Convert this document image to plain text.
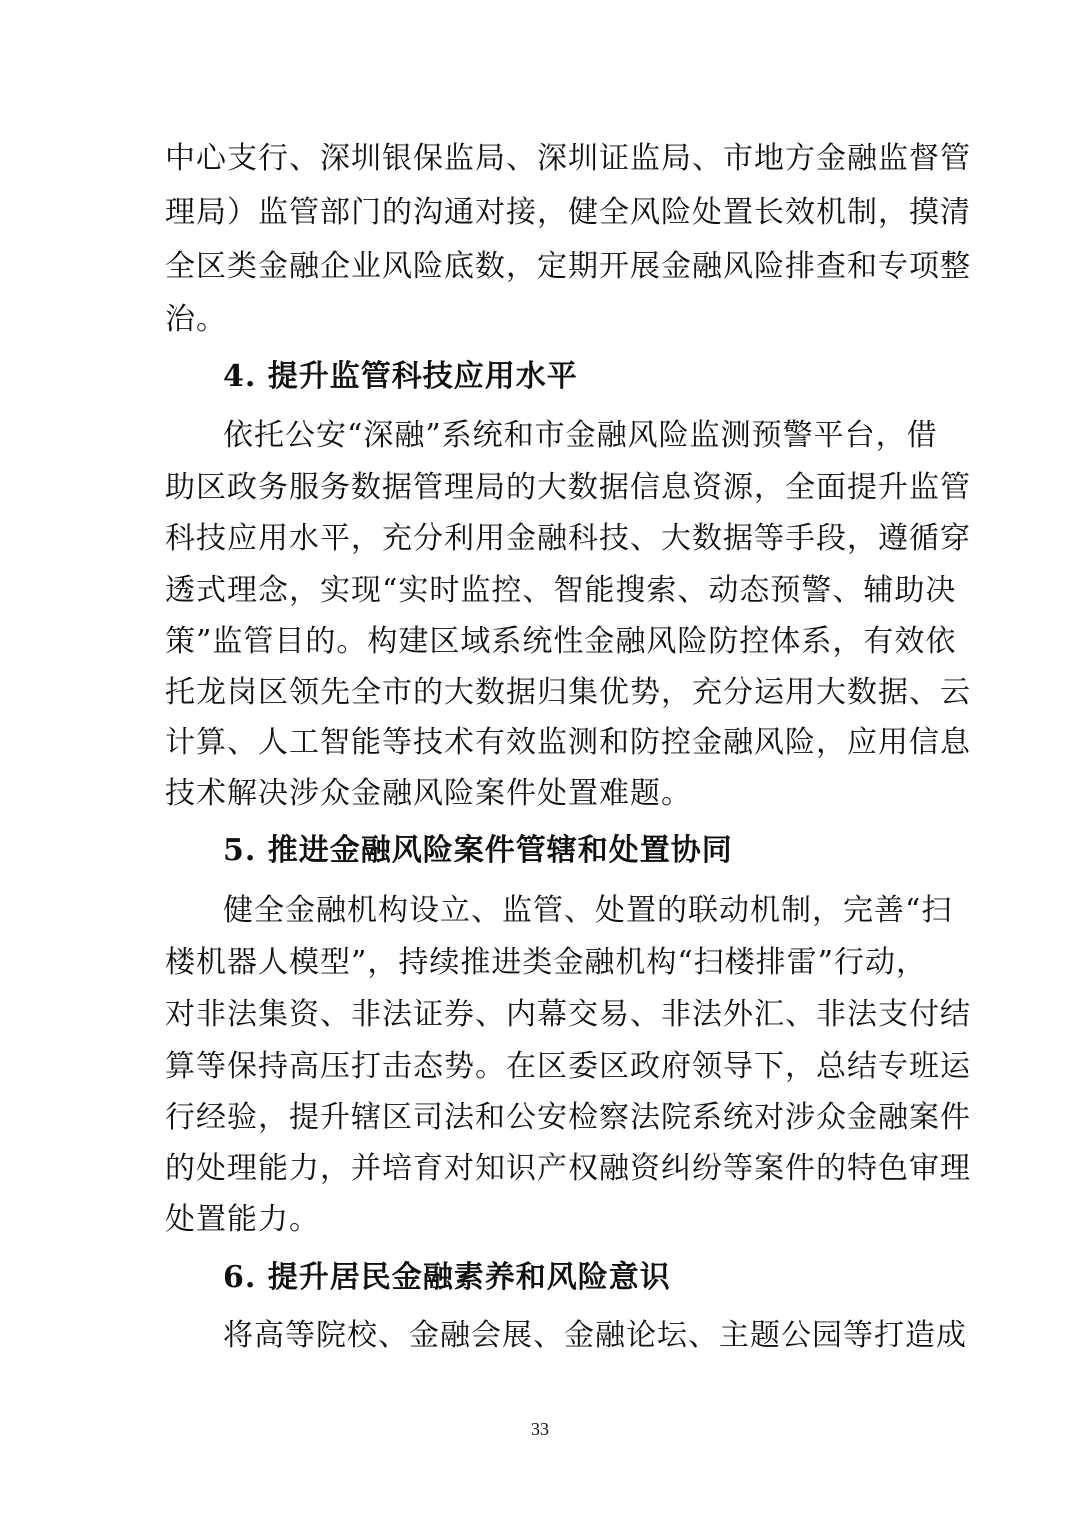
中心支行、深圳银保监局、深圳证监局、市地方金融监督管
理局）监管部门的沟通对接，健全风险处置长效机制，摸清
全区类金融企业风险底数，定期开展金融风险排查和专项整
治。
4. 提升监管科技应用水平
依托公安“深融”系统和市金融风险监测预警平台，借
助区政务服务数据管理局的大数据信息资源，全面提升监管
科技应用水平，充分利用金融科技、大数据等手段，遵循穿
透式理念，实现“实时监控、智能搜索、动态预警、辅助决
策”监管目的。构建区域系统性金融风险防控体系，有效依
托龙岗区领先全市的大数据归集优势，充分运用大数据、云
计算、人工智能等技术有效监测和防控金融风险，应用信息
技术解决涉众金融风险案件处置难题。
5. 推进金融风险案件管辖和处置协同
健全金融机构设立、监管、处置的联动机制，完善“扫
楼机器人模型”，持续推进类金融机构“扫楼排雷”行动，
对非法集资、非法证券、内幕交易、非法外汇、非法支付结
算等保持高压打击态势。在区委区政府领导下，总结专班运
行经验，提升辖区司法和公安检察法院系统对涉众金融案件
的处理能力，并培育对知识产权融资纠纷等案件的特色审理
处置能力。
6. 提升居民金融素养和风险意识
将高等院校、金融会展、金融论坛、主题公园等打造成
33
